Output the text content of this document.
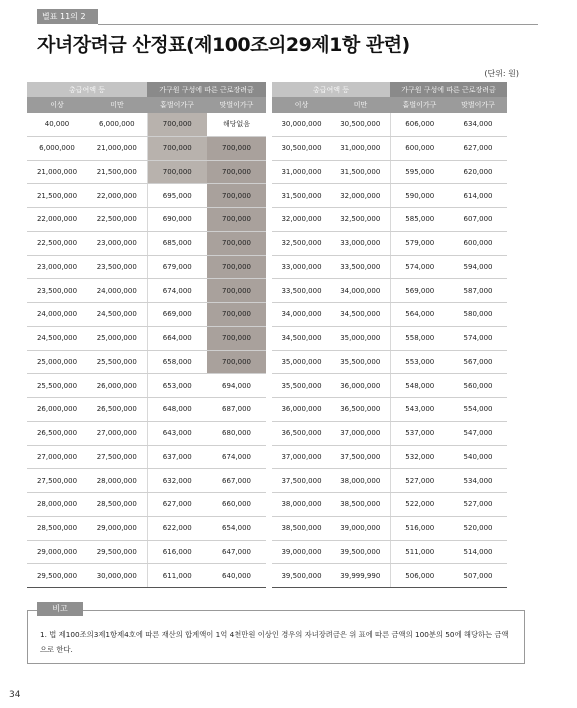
별표 11의 2
자녀장려금 산정표(제100조의29제1항 관련)
(단위: 원)
총급여액 등		가구원 구성에 따른 근로장려금	
이상	미만	홑벌이가구	맞벌이가구
40,000	6,000,000	700,000	해당없음
6,000,000	21,000,000	700,000	700,000
21,000,000	21,500,000	700,000	700,000
21,500,000	22,000,000	695,000	700,000
22,000,000	22,500,000	690,000	700,000
22,500,000	23,000,000	685,000	700,000
23,000,000	23,500,000	679,000	700,000
23,500,000	24,000,000	674,000	700,000
24,000,000	24,500,000	669,000	700,000
24,500,000	25,000,000	664,000	700,000
25,000,000	25,500,000	658,000	700,000
25,500,000	26,000,000	653,000	694,000
26,000,000	26,500,000	648,000	687,000
26,500,000	27,000,000	643,000	680,000
27,000,000	27,500,000	637,000	674,000
27,500,000	28,000,000	632,000	667,000
28,000,000	28,500,000	627,000	660,000
28,500,000	29,000,000	622,000	654,000
29,000,000	29,500,000	616,000	647,000
29,500,000	30,000,000	611,000	640,000
총급여액 등		가구원 구성에 따른 근로장려금	
이상	미만	홑벌이가구	맞벌이가구
30,000,000	30,500,000	606,000	634,000
30,500,000	31,000,000	600,000	627,000
31,000,000	31,500,000	595,000	620,000
31,500,000	32,000,000	590,000	614,000
32,000,000	32,500,000	585,000	607,000
32,500,000	33,000,000	579,000	600,000
33,000,000	33,500,000	574,000	594,000
33,500,000	34,000,000	569,000	587,000
34,000,000	34,500,000	564,000	580,000
34,500,000	35,000,000	558,000	574,000
35,000,000	35,500,000	553,000	567,000
35,500,000	36,000,000	548,000	560,000
36,000,000	36,500,000	543,000	554,000
36,500,000	37,000,000	537,000	547,000
37,000,000	37,500,000	532,000	540,000
37,500,000	38,000,000	527,000	534,000
38,000,000	38,500,000	522,000	527,000
38,500,000	39,000,000	516,000	520,000
39,000,000	39,500,000	511,000	514,000
39,500,000	39,999,990	506,000	507,000
비고
1. 법 제100조의3제1항제4호에 따른 재산의 합계액이 1억 4천만원 이상인 경우의 자녀장려금은 위 표에 따른 금액의 100분의 50에 해당하는 금액으로 한다.
34
